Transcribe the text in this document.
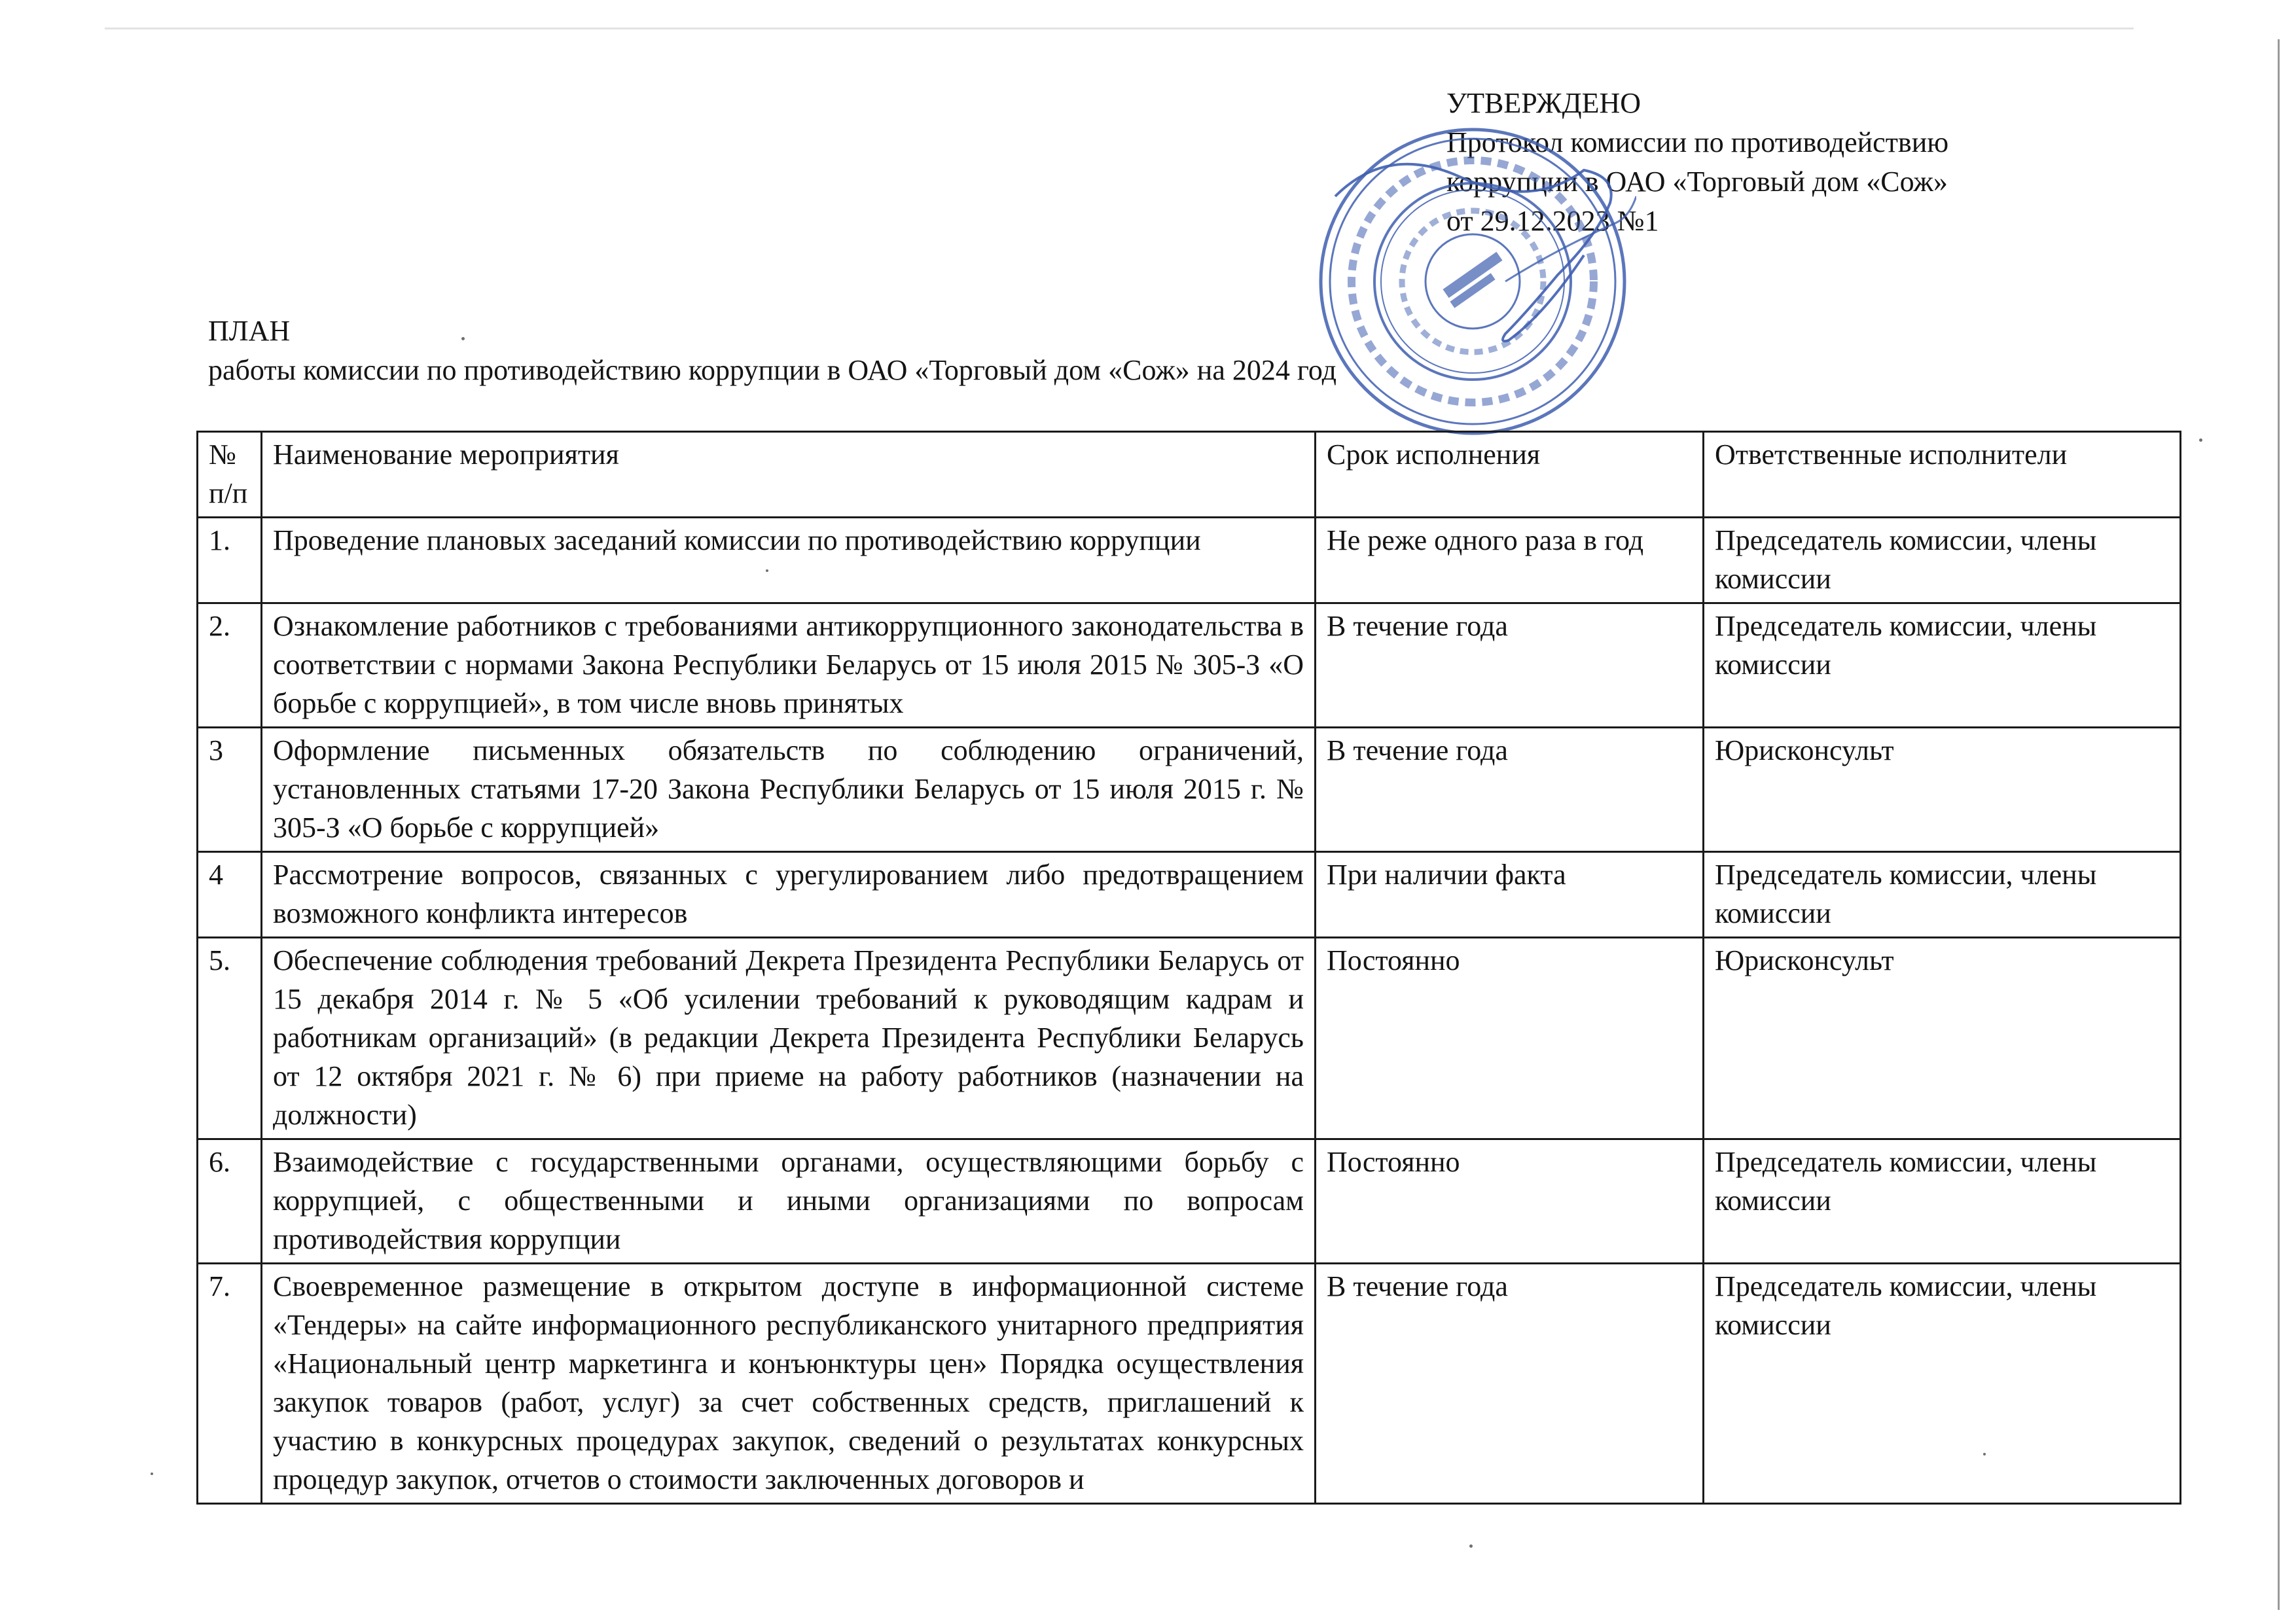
УТВЕРЖДЕНО
Протокол комиссии по противодействию
коррупции в ОАО «Торговый дом «Сож»
от 29.12.2023 №1
ПЛАН
работы комиссии по противодействию коррупции в ОАО «Торговый дом «Сож» на 2024 год
№ п/п	Наименование мероприятия	Срок исполнения	Ответственные исполнители
1.	Проведение плановых заседаний комиссии по противодействию коррупции	Не реже одного раза в год	Председатель комиссии, члены комиссии
2.	Ознакомление работников с требованиями антикоррупционного законодательства в соответствии с нормами Закона Республики Беларусь от 15 июля 2015 № 305-З «О борьбе с коррупцией», в том числе вновь принятых	В течение года	Председатель комиссии, члены комиссии
3	Оформление письменных обязательств по соблюдению ограничений, установленных статьями 17-20 Закона Республики Беларусь от 15 июля 2015 г. № 305-З «О борьбе с коррупцией»	В течение года	Юрисконсульт
4	Рассмотрение вопросов, связанных с урегулированием либо предотвращением возможного конфликта интересов	При наличии факта	Председатель комиссии, члены комиссии
5.	Обеспечение соблюдения требований Декрета Президента Республики Беларусь от 15 декабря 2014 г. № 5 «Об усилении требований к руководящим кадрам и работникам организаций» (в редакции Декрета Президента Республики Беларусь от 12 октября 2021 г. № 6) при приеме на работу работников (назначении на должности)	Постоянно	Юрисконсульт
6.	Взаимодействие с государственными органами, осуществляющими борьбу с коррупцией, с общественными и иными организациями по вопросам противодействия коррупции	Постоянно	Председатель комиссии, члены комиссии
7.	Своевременное размещение в открытом доступе в информационной системе «Тендеры» на сайте информационного республиканского унитарного предприятия «Национальный центр маркетинга и конъюнктуры цен» Порядка осуществления закупок товаров (работ, услуг) за счет собственных средств, приглашений к участию в конкурсных процедурах закупок, сведений о результатах конкурсных процедур закупок, отчетов о стоимости заключенных договоров и	В течение года	Председатель комиссии, члены комиссии
